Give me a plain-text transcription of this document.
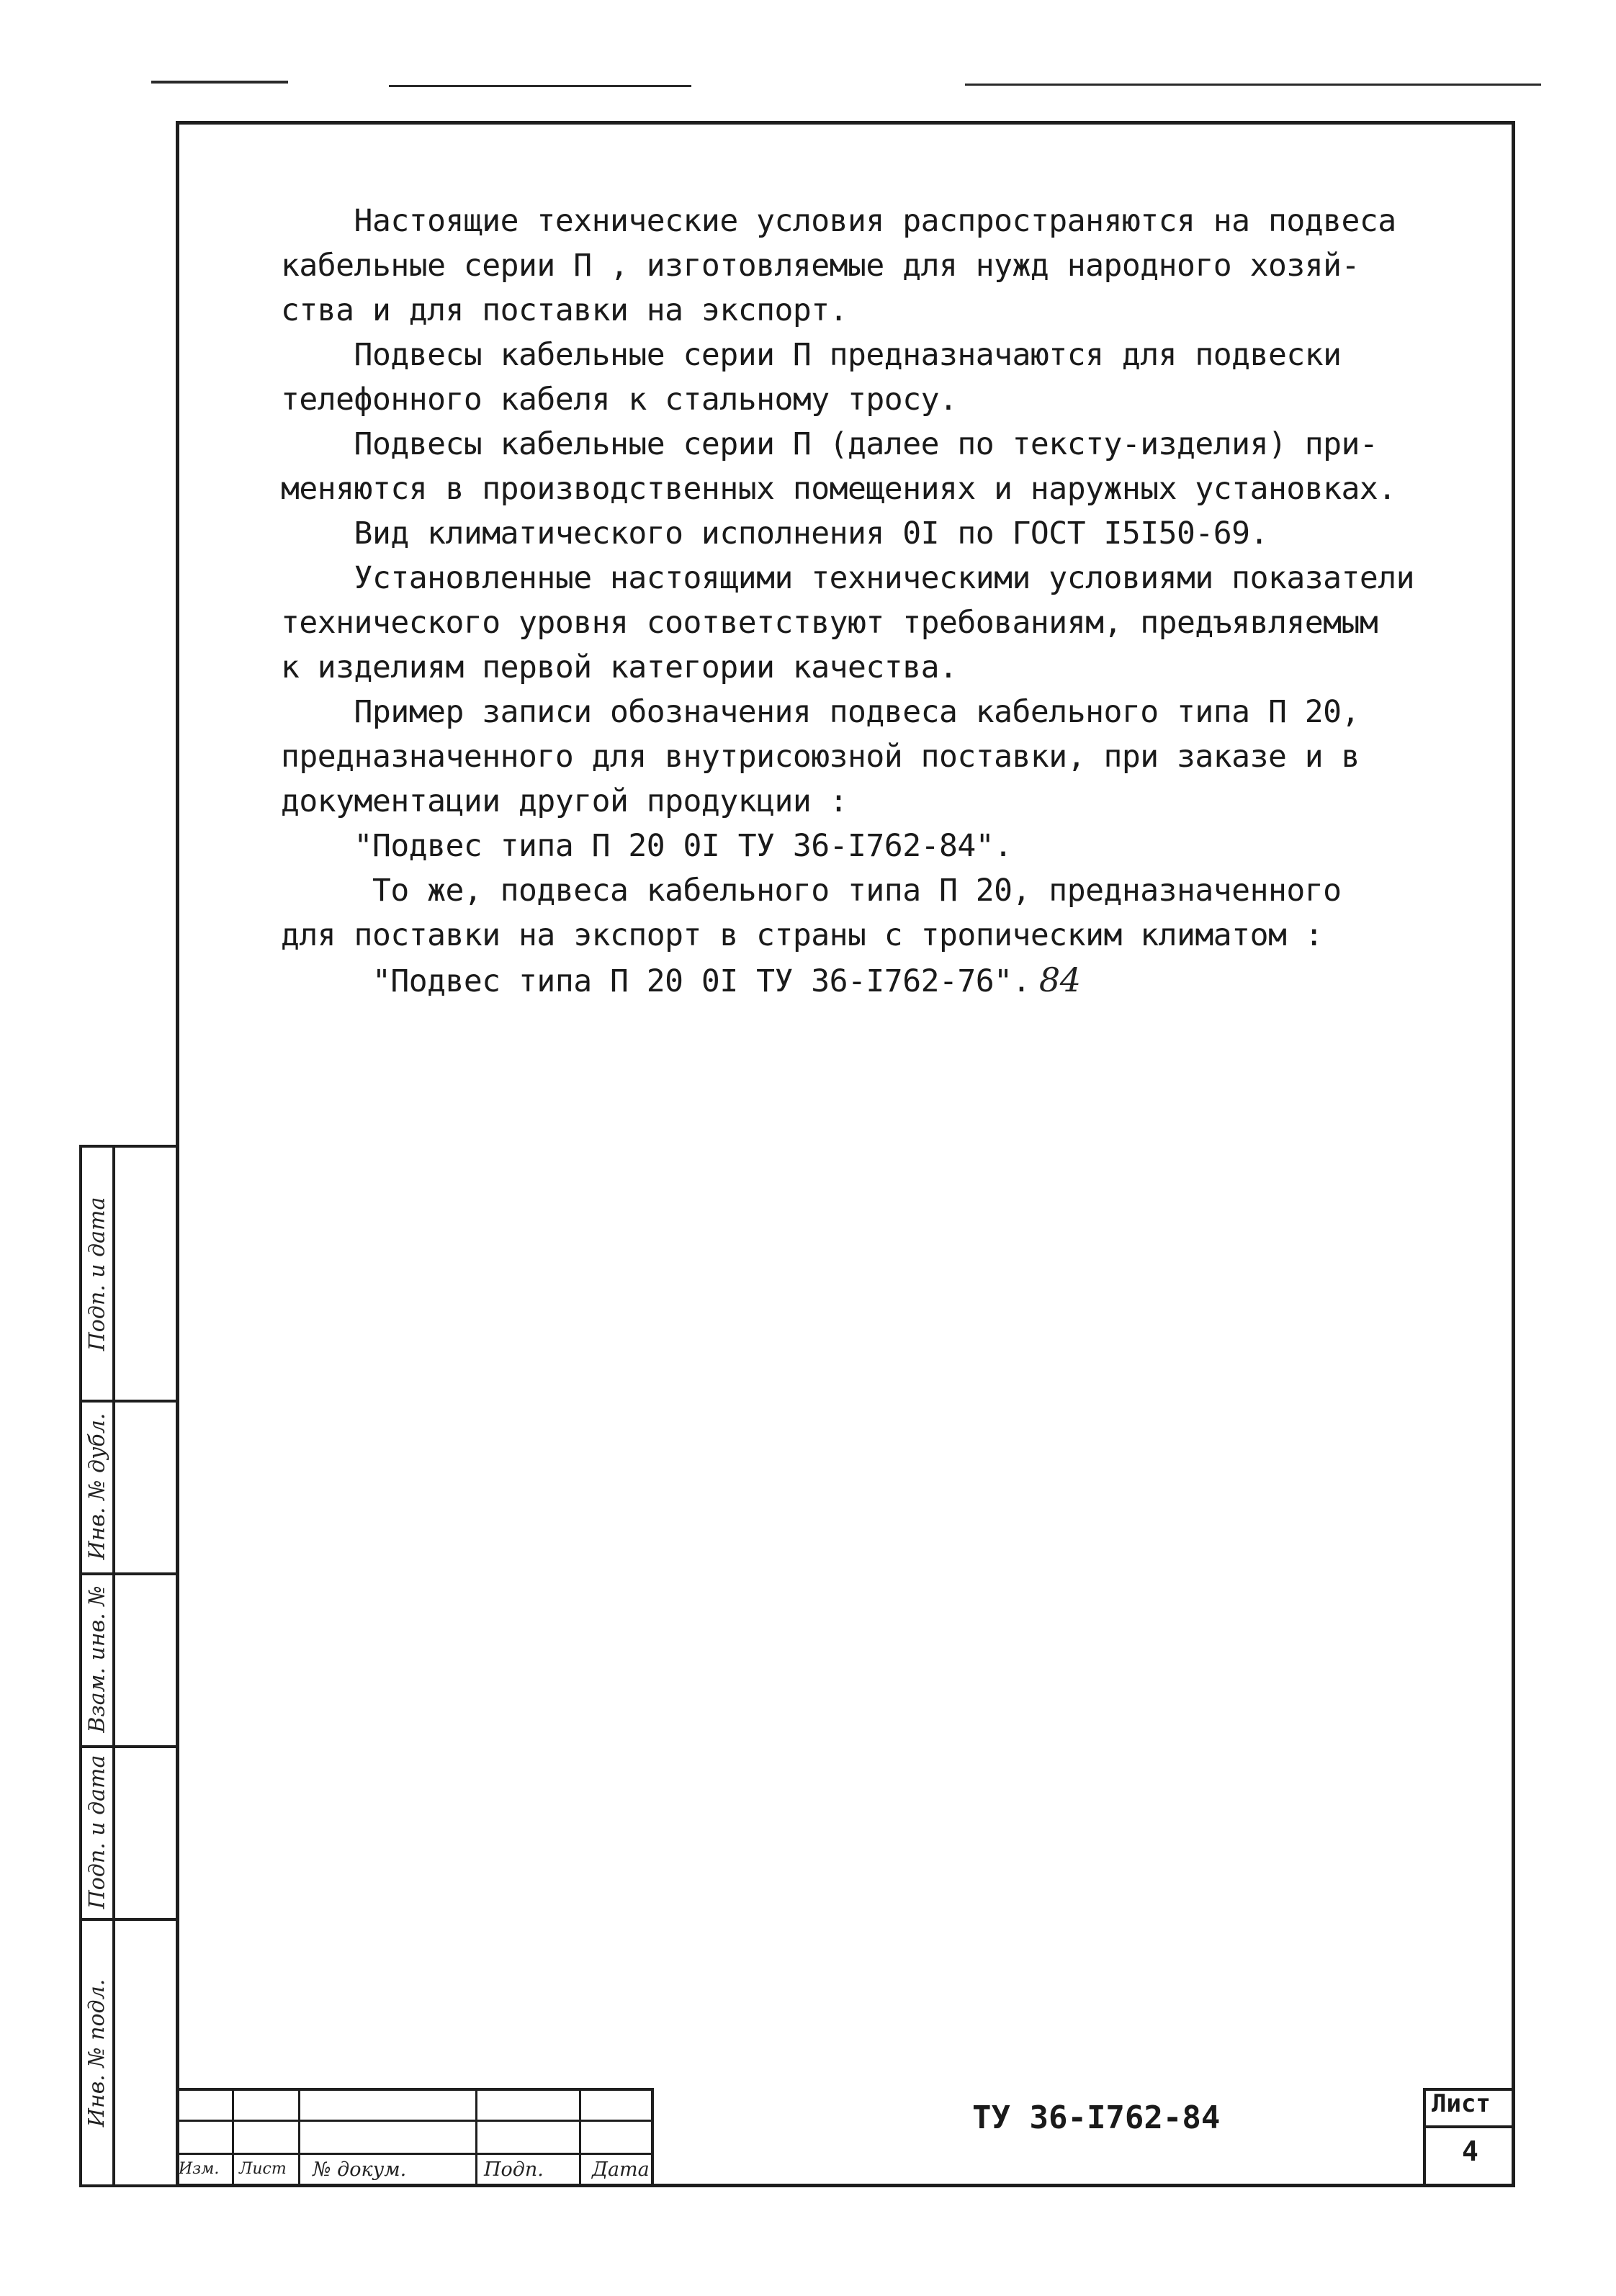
Настоящие технические условия распространяются на подвеса
кабельные серии П , изготовляемые для нужд народного хозяй-
ства и для поставки на экспорт.
Подвесы кабельные серии П предназначаются для подвески
телефонного кабеля к стальному тросу.
Подвесы кабельные серии П (далее по тексту-изделия) при-
меняются в производственных помещениях и наружных установках.
Вид климатического исполнения 0I по ГОСТ I5I50-69.
Установленные настоящими техническими условиями показатели
технического уровня соответствуют требованиям, предъявляемым
к изделиям первой категории качества.
Пример записи обозначения подвеса кабельного типа П 20,
предназначенного для внутрисоюзной поставки, при заказе и в
документации другой продукции :
"Подвес типа П 20 0I ТУ 36-I762-84".
То же, подвеса кабельного типа П 20, предназначенного
для поставки на экспорт в страны с тропическим климатом :
"Подвес типа П 20 0I ТУ 36-I762-76". 84
Подп. и дата
Инв. № дубл.
Взам. инв. №
Подп. и дата
Инв. № подл.
Изм. Лист № докум.	Подп. Дата
ТУ 36-I762-84	Лист
4
